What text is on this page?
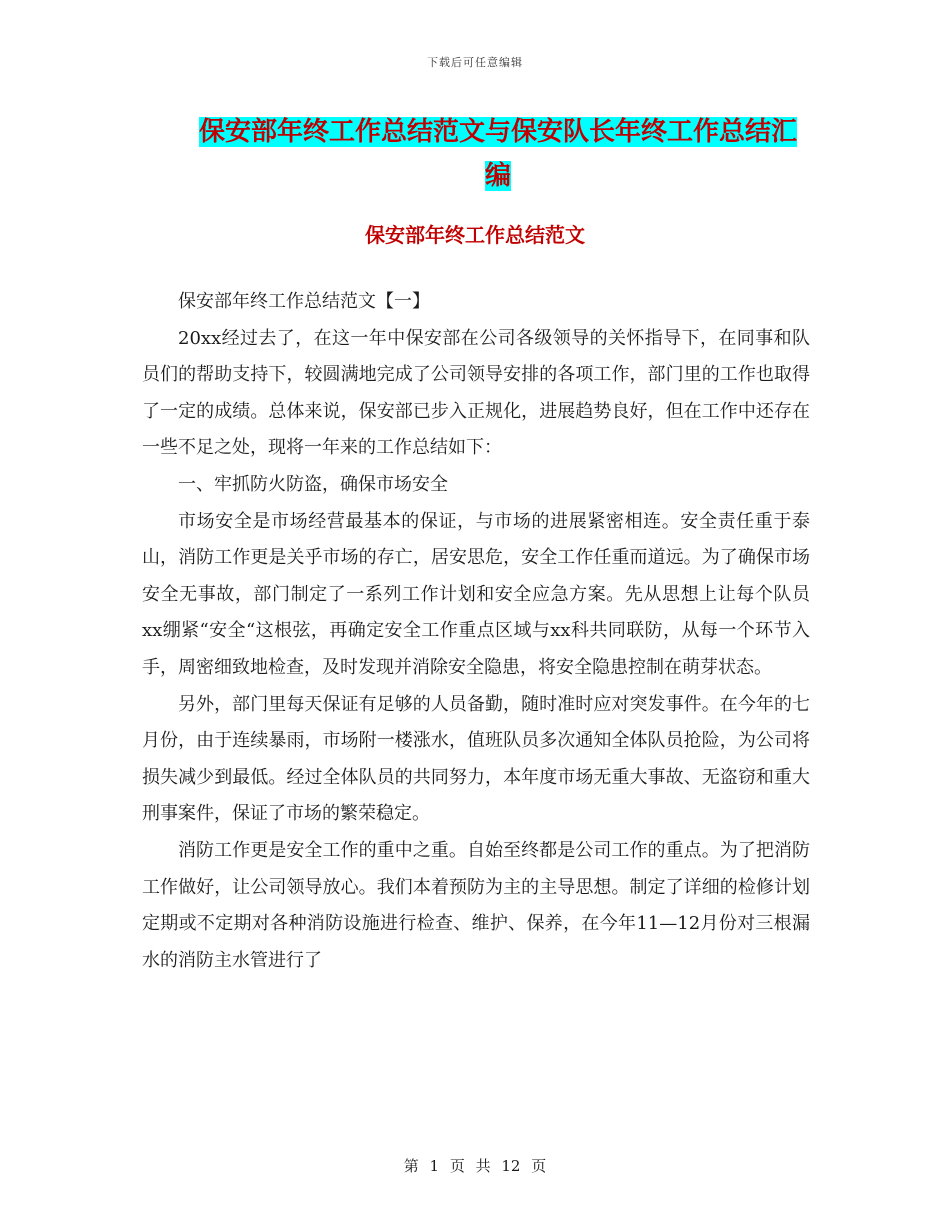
下载后可任意编辑
保安部年终工作总结范文与保安队长年终工作总结汇编
保安部年终工作总结范文

保安部年终工作总结范文【一】

20xx经过去了，在这一年中保安部在公司各级领导的关怀指导下，在同事和队员们的帮助支持下，较圆满地完成了公司领导安排的各项工作，部门里的工作也取得了一定的成绩。总体来说，保安部已步入正规化，进展趋势良好，但在工作中还存在一些不足之处，现将一年来的工作总结如下：

一、牢抓防火防盗，确保市场安全

市场安全是市场经营最基本的保证，与市场的进展紧密相连。安全责任重于泰山，消防工作更是关乎市场的存亡，居安思危，安全工作任重而道远。为了确保市场安全无事故，部门制定了一系列工作计划和安全应急方案。先从思想上让每个队员xx绷紧“安全“这根弦，再确定安全工作重点区域与xx科共同联防，从每一个环节入手，周密细致地检查，及时发现并消除安全隐患，将安全隐患控制在萌芽状态。

另外，部门里每天保证有足够的人员备勤，随时准时应对突发事件。在今年的七月份，由于连续暴雨，市场附一楼涨水，值班队员多次通知全体队员抢险，为公司将损失减少到最低。经过全体队员的共同努力，本年度市场无重大事故、无盗窃和重大刑事案件，保证了市场的繁荣稳定。

消防工作更是安全工作的重中之重。自始至终都是公司工作的重点。为了把消防工作做好，让公司领导放心。我们本着预防为主的主导思想。制定了详细的检修计划定期或不定期对各种消防设施进行检查、维护、保养，在今年11—12月份对三根漏水的消防主水管进行了

第 1 页 共 12 页
